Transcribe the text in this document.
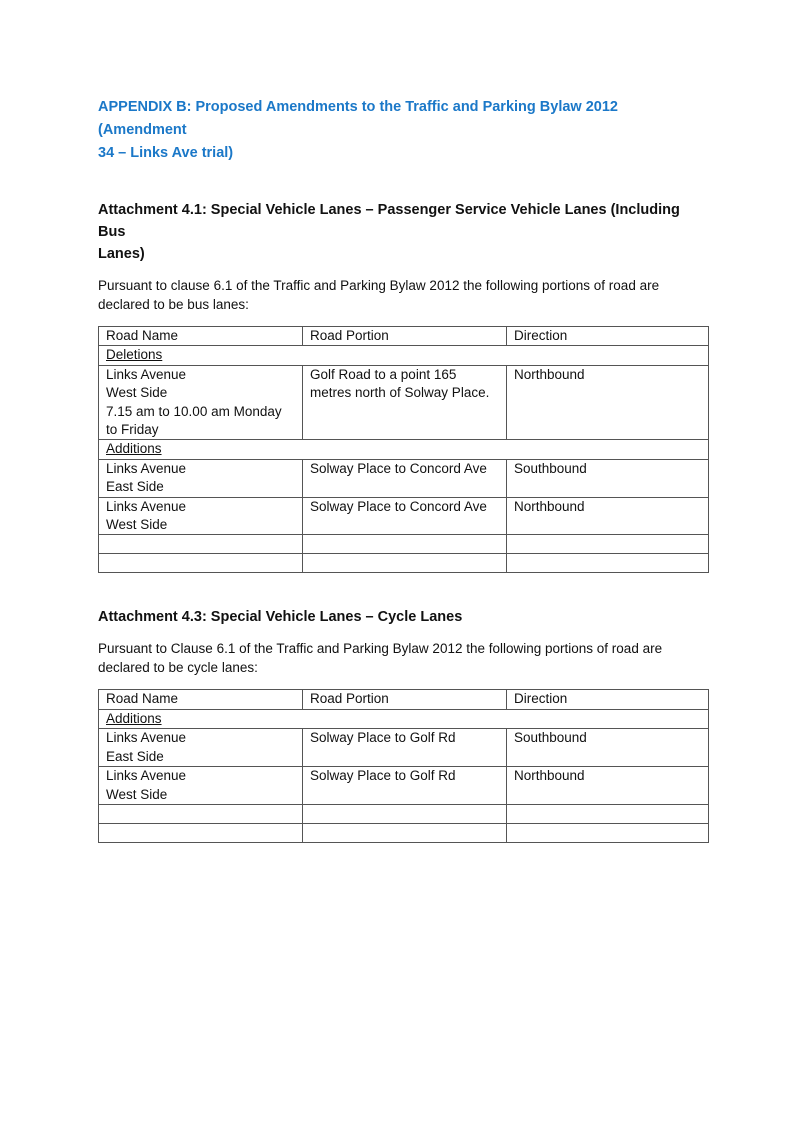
APPENDIX B: Proposed Amendments to the Traffic and Parking Bylaw 2012 (Amendment
34 – Links Ave trial)

Attachment 4.1: Special Vehicle Lanes – Passenger Service Vehicle Lanes (Including Bus
Lanes)

Pursuant to clause 6.1 of the Traffic and Parking Bylaw 2012 the following portions of road are
declared to be bus lanes:

Road Name	Road Portion	Direction
Deletions		

Links Avenue
West Side
7.15 am to 10.00 am Monday
to Friday	Golf Road to a point 165
metres north of Solway Place.	Northbound
Additions		

Links Avenue
East Side	Solway Place to Concord Ave	Southbound

Links Avenue
West Side	Solway Place to Concord Ave	Northbound

Attachment 4.3: Special Vehicle Lanes – Cycle Lanes

Pursuant to Clause 6.1 of the Traffic and Parking Bylaw 2012 the following portions of road are
declared to be cycle lanes:

Road Name	Road Portion	Direction
Additions		

Links Avenue
East Side	Solway Place to Golf Rd	Southbound

Links Avenue
West Side	Solway Place to Golf Rd	Northbound
